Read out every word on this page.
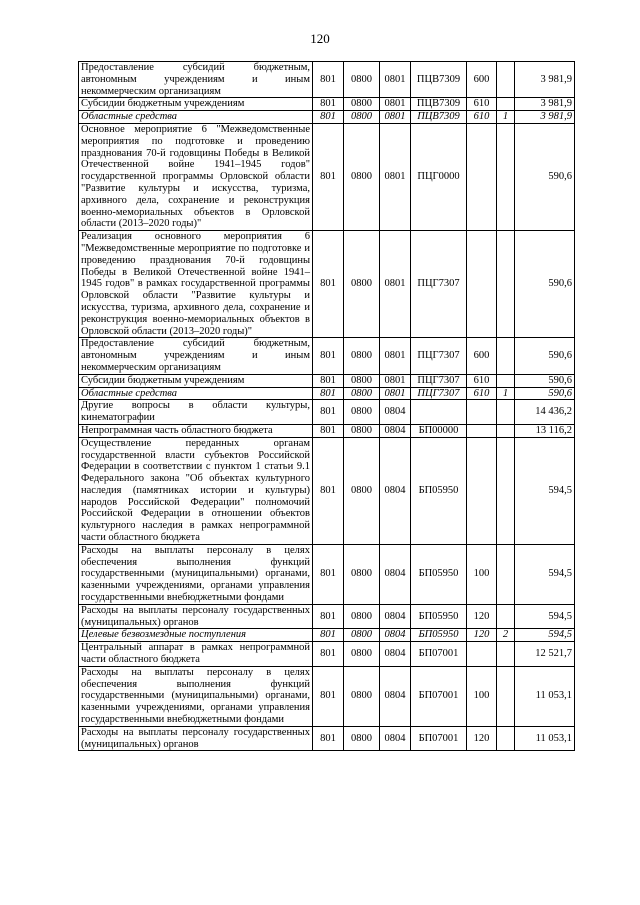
120
Предоставление субсидий бюджетным, автономным учреждениям и иным некоммерческим организациям	801	0800	0801	ПЦВ7309	600		3 981,9
Субсидии бюджетным учреждениям	801	0800	0801	ПЦВ7309	610		3 981,9
Областные средства	801	0800	0801	ПЦВ7309	610	1	3 981,9
Основное мероприятие 6 "Межведомственные мероприятия по подготовке и проведению празднования 70-й годовщины Победы в Великой Отечественной войне 1941–1945 годов" государственной программы Орловской области "Развитие культуры и искусства, туризма, архивного дела, сохранение и реконструкция военно-мемориальных объектов в Орловской области (2013–2020 годы)"	801	0800	0801	ПЦГ0000			590,6
Реализация основного мероприятия 6 "Межведомственные мероприятие по подготовке и проведению празднования 70-й годовщины Победы в Великой Отечественной войне 1941–1945 годов" в рамках государственной программы Орловской области "Развитие культуры и искусства, туризма, архивного дела, сохранение и реконструкция военно-мемориальных объектов в Орловской области (2013–2020 годы)"	801	0800	0801	ПЦГ7307			590,6
Предоставление субсидий бюджетным, автономным учреждениям и иным некоммерческим организациям	801	0800	0801	ПЦГ7307	600		590,6
Субсидии бюджетным учреждениям	801	0800	0801	ПЦГ7307	610		590,6
Областные средства	801	0800	0801	ПЦГ7307	610	1	590,6
Другие вопросы в области культуры, кинематографии	801	0800	0804				14 436,2
Непрограммная часть областного бюджета	801	0800	0804	БП00000			13 116,2
Осуществление переданных органам государственной власти субъектов Российской Федерации в соответствии с пунктом 1 статьи 9.1 Федерального закона "Об объектах культурного наследия (памятниках истории и культуры) народов Российской Федерации" полномочий Российской Федерации в отношении объектов культурного наследия в рамках непрограммной части областного бюджета	801	0800	0804	БП05950			594,5
Расходы на выплаты персоналу в целях обеспечения выполнения функций государственными (муниципальными) органами, казенными учреждениями, органами управления государственными внебюджетными фондами	801	0800	0804	БП05950	100		594,5
Расходы на выплаты персоналу государственных (муниципальных) органов	801	0800	0804	БП05950	120		594,5
Целевые безвозмездные поступления	801	0800	0804	БП05950	120	2	594,5
Центральный аппарат в рамках непрограммной части областного бюджета	801	0800	0804	БП07001			12 521,7
Расходы на выплаты персоналу в целях обеспечения выполнения функций государственными (муниципальными) органами, казенными учреждениями, органами управления государственными внебюджетными фондами	801	0800	0804	БП07001	100		11 053,1
Расходы на выплаты персоналу государственных (муниципальных) органов	801	0800	0804	БП07001	120		11 053,1
